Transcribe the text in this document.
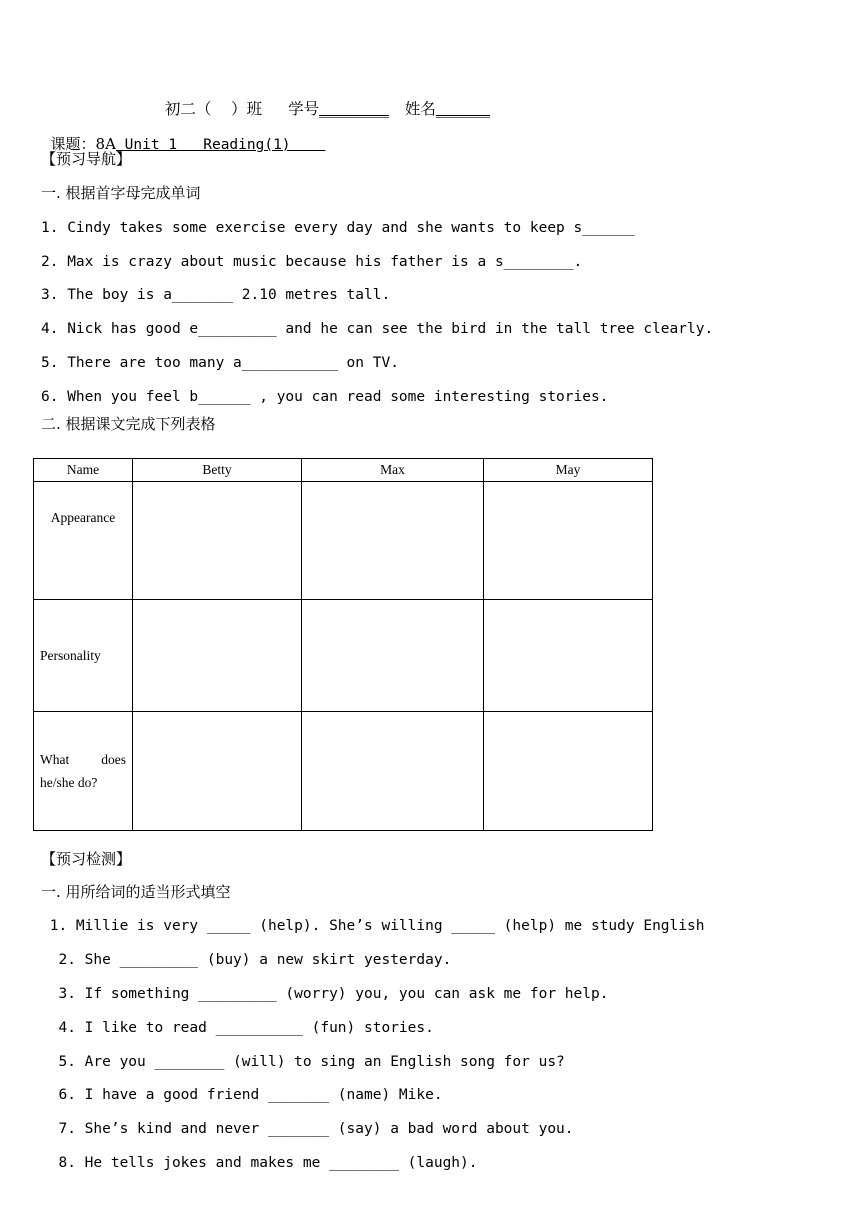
初二（    ）班 学号_________ 姓名_______

课题：8A Unit 1   Reading(1)

【预习导航】
一. 根据首字母完成单词
1. Cindy takes some exercise every day and she wants to keep s______
2. Max is crazy about music because his father is a s________.
3. The boy is a_______ 2.10 metres tall.
4. Nick has good e_________ and he can see the bird in the tall tree clearly.
5. There are too many a___________ on TV.
6. When you feel b______ , you can read some interesting stories.
二. 根据课文完成下列表格
Name	Betty	Max	May
Appearance			
Personality			
What does he/she do?			
【预习检测】
一. 用所给词的适当形式填空
1. Millie is very _____ (help). She’s willing _____ (help) me study English
2. She _________ (buy) a new skirt yesterday.
3. If something _________ (worry) you, you can ask me for help.
4. I like to read __________ (fun) stories.
5. Are you ________ (will) to sing an English song for us?
6. I have a good friend _______ (name) Mike.
7. She’s kind and never _______ (say) a bad word about you.
8. He tells jokes and makes me ________ (laugh).
